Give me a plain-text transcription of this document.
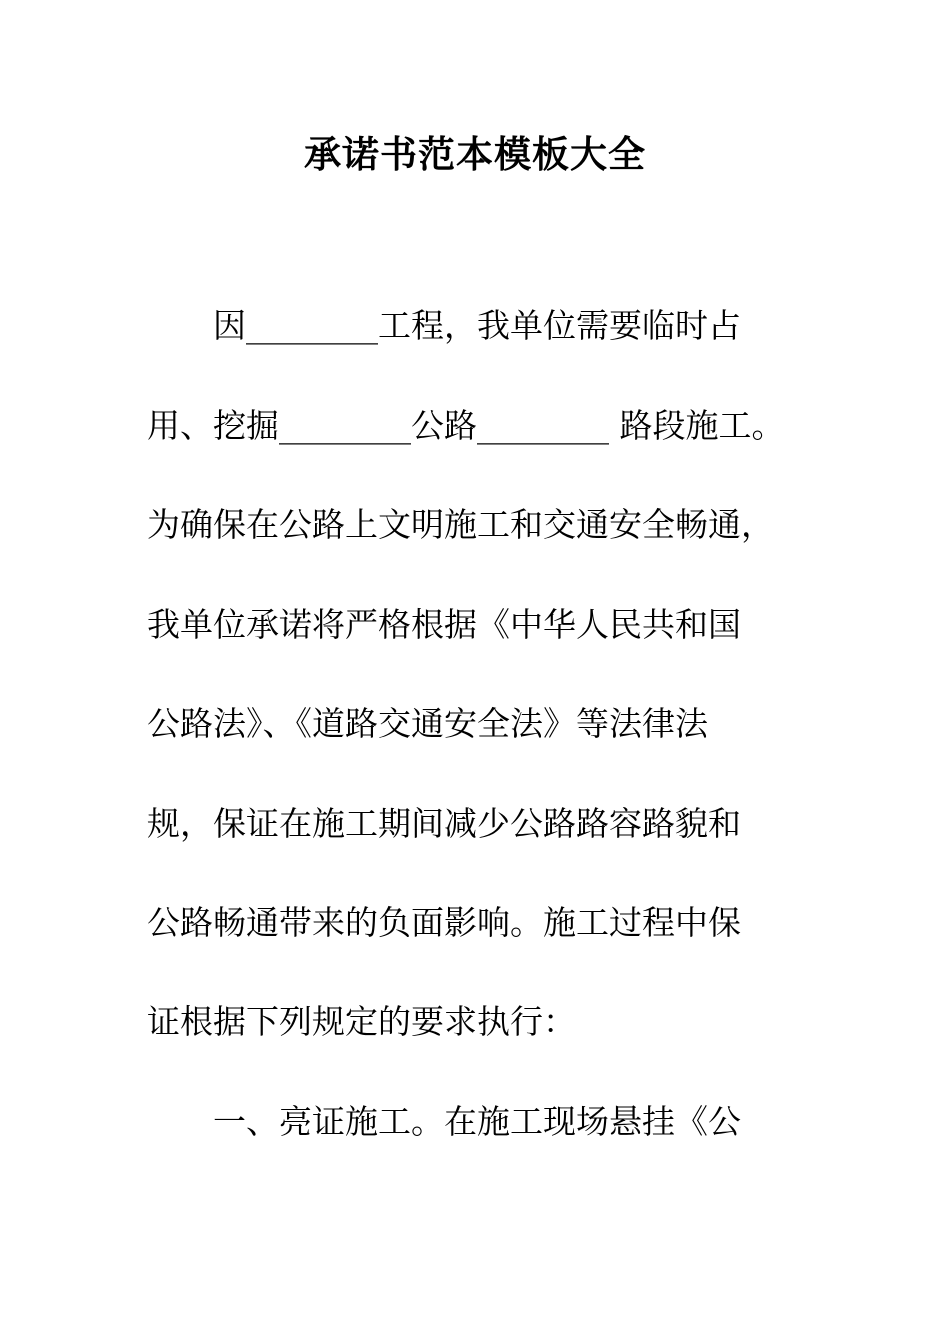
承诺书范本模板大全
　　因________工程，我单位需要临时占
用、挖掘________公路________ 路段施工。
为确保在公路上文明施工和交通安全畅通，
我单位承诺将严格根据《中华人民共和国
公路法》、《道路交通安全法》等法律法
规，保证在施工期间减少公路路容路貌和
公路畅通带来的负面影响。施工过程中保
证根据下列规定的要求执行：
　　一、亮证施工。在施工现场悬挂《公
